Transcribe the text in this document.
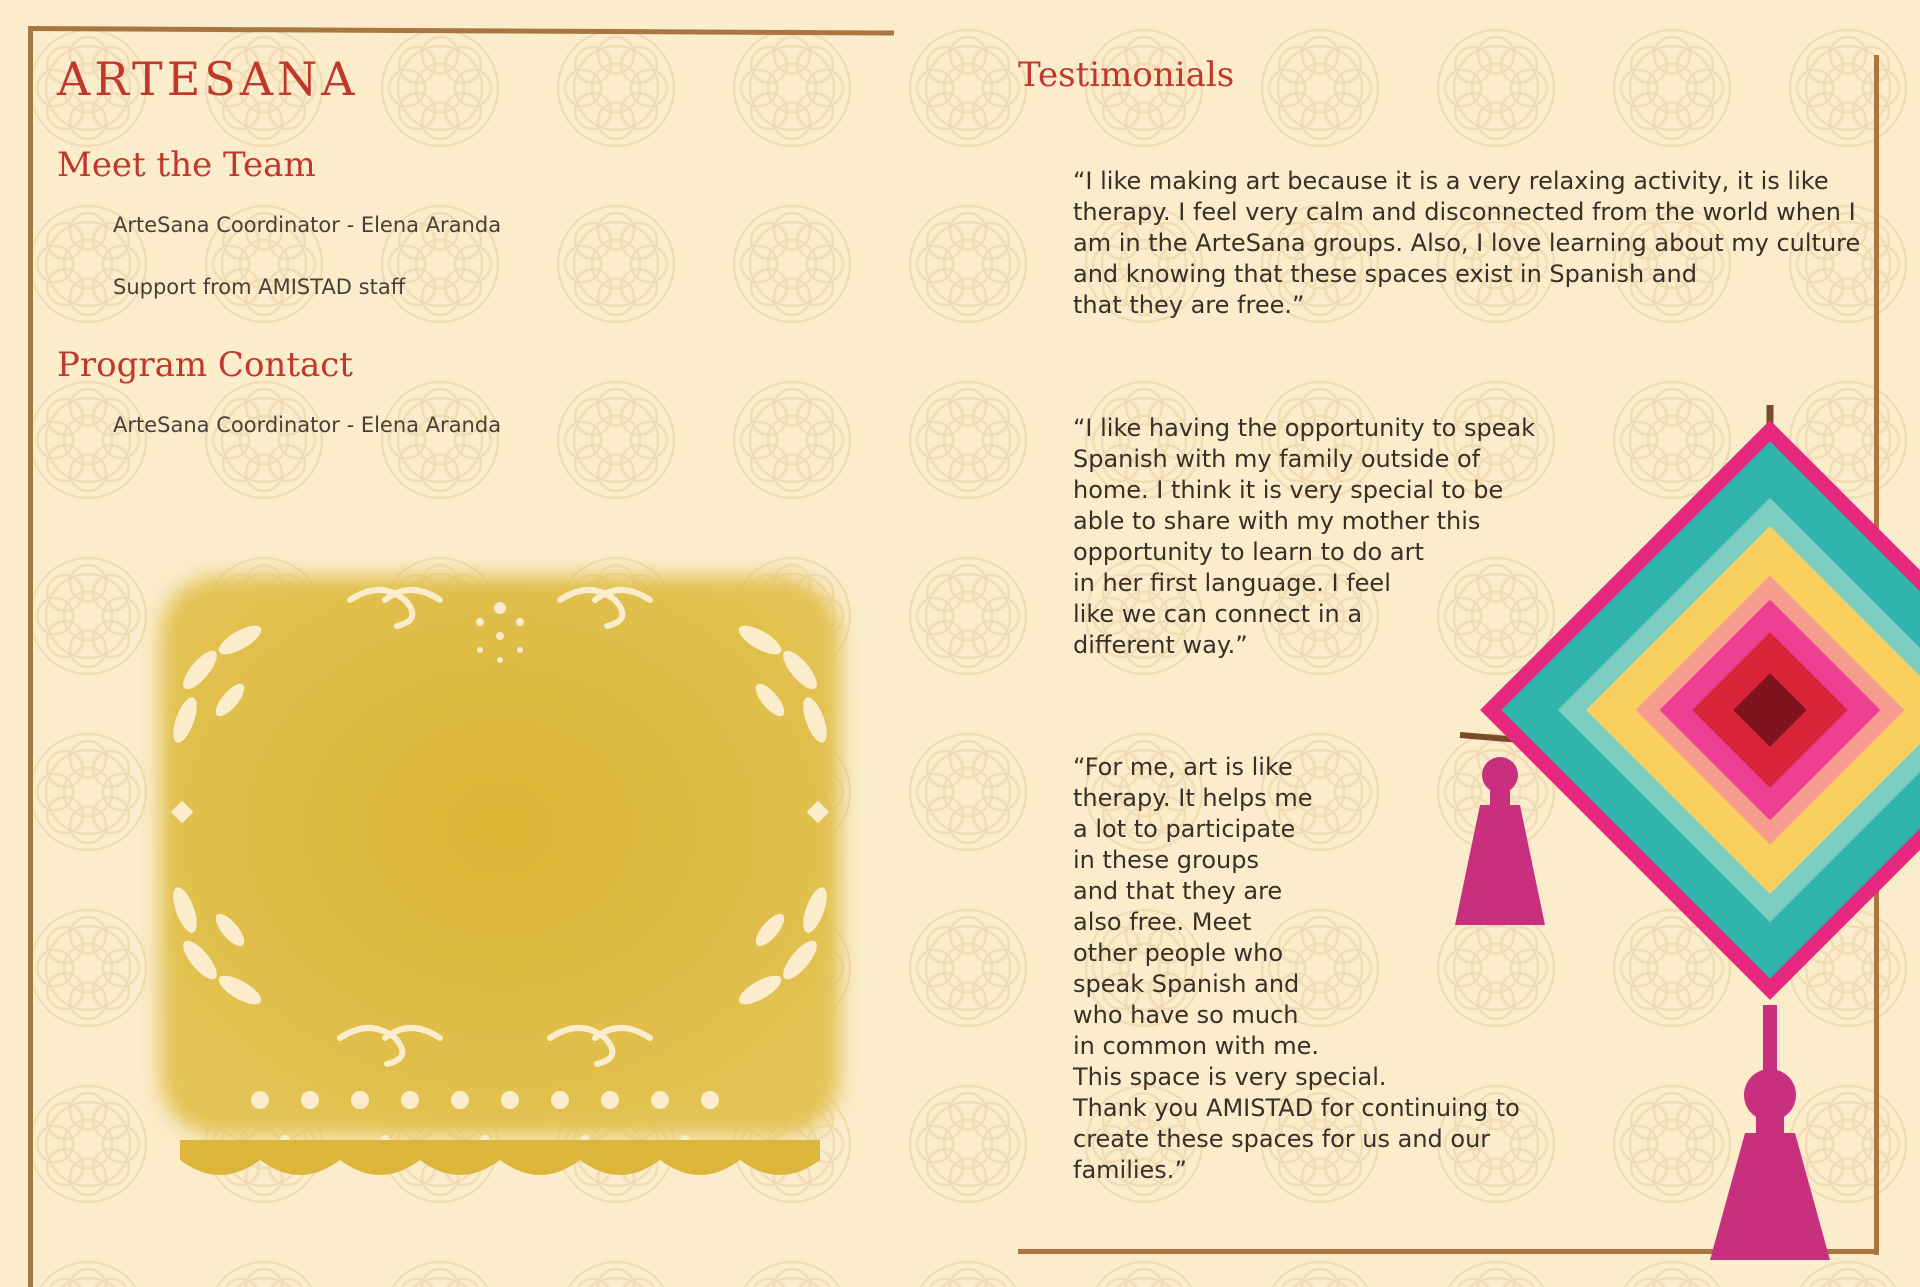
ARTESANA
Meet the Team

ArteSana Coordinator - Elena Aranda

Support from AMISTAD staff

Program Contact

ArteSana Coordinator - Elena Aranda

Testimonials

“I like making art because it is a very relaxing activity, it is like
therapy. I feel very calm and disconnected from the world when I
am in the ArteSana groups. Also, I love learning about my culture
and knowing that these spaces exist in Spanish and
that they are free.”

“I like having the opportunity to speak
Spanish with my family outside of
home. I think it is very special to be
able to share with my mother this
opportunity to learn to do art
in her first language. I feel
like we can connect in a
different way.”

“For me, art is like
therapy. It helps me
a lot to participate
in these groups
and that they are
also free. Meet
other people who
speak Spanish and
who have so much
in common with me.
This space is very special.
Thank you AMISTAD for continuing to
create these spaces for us and our
families.”
